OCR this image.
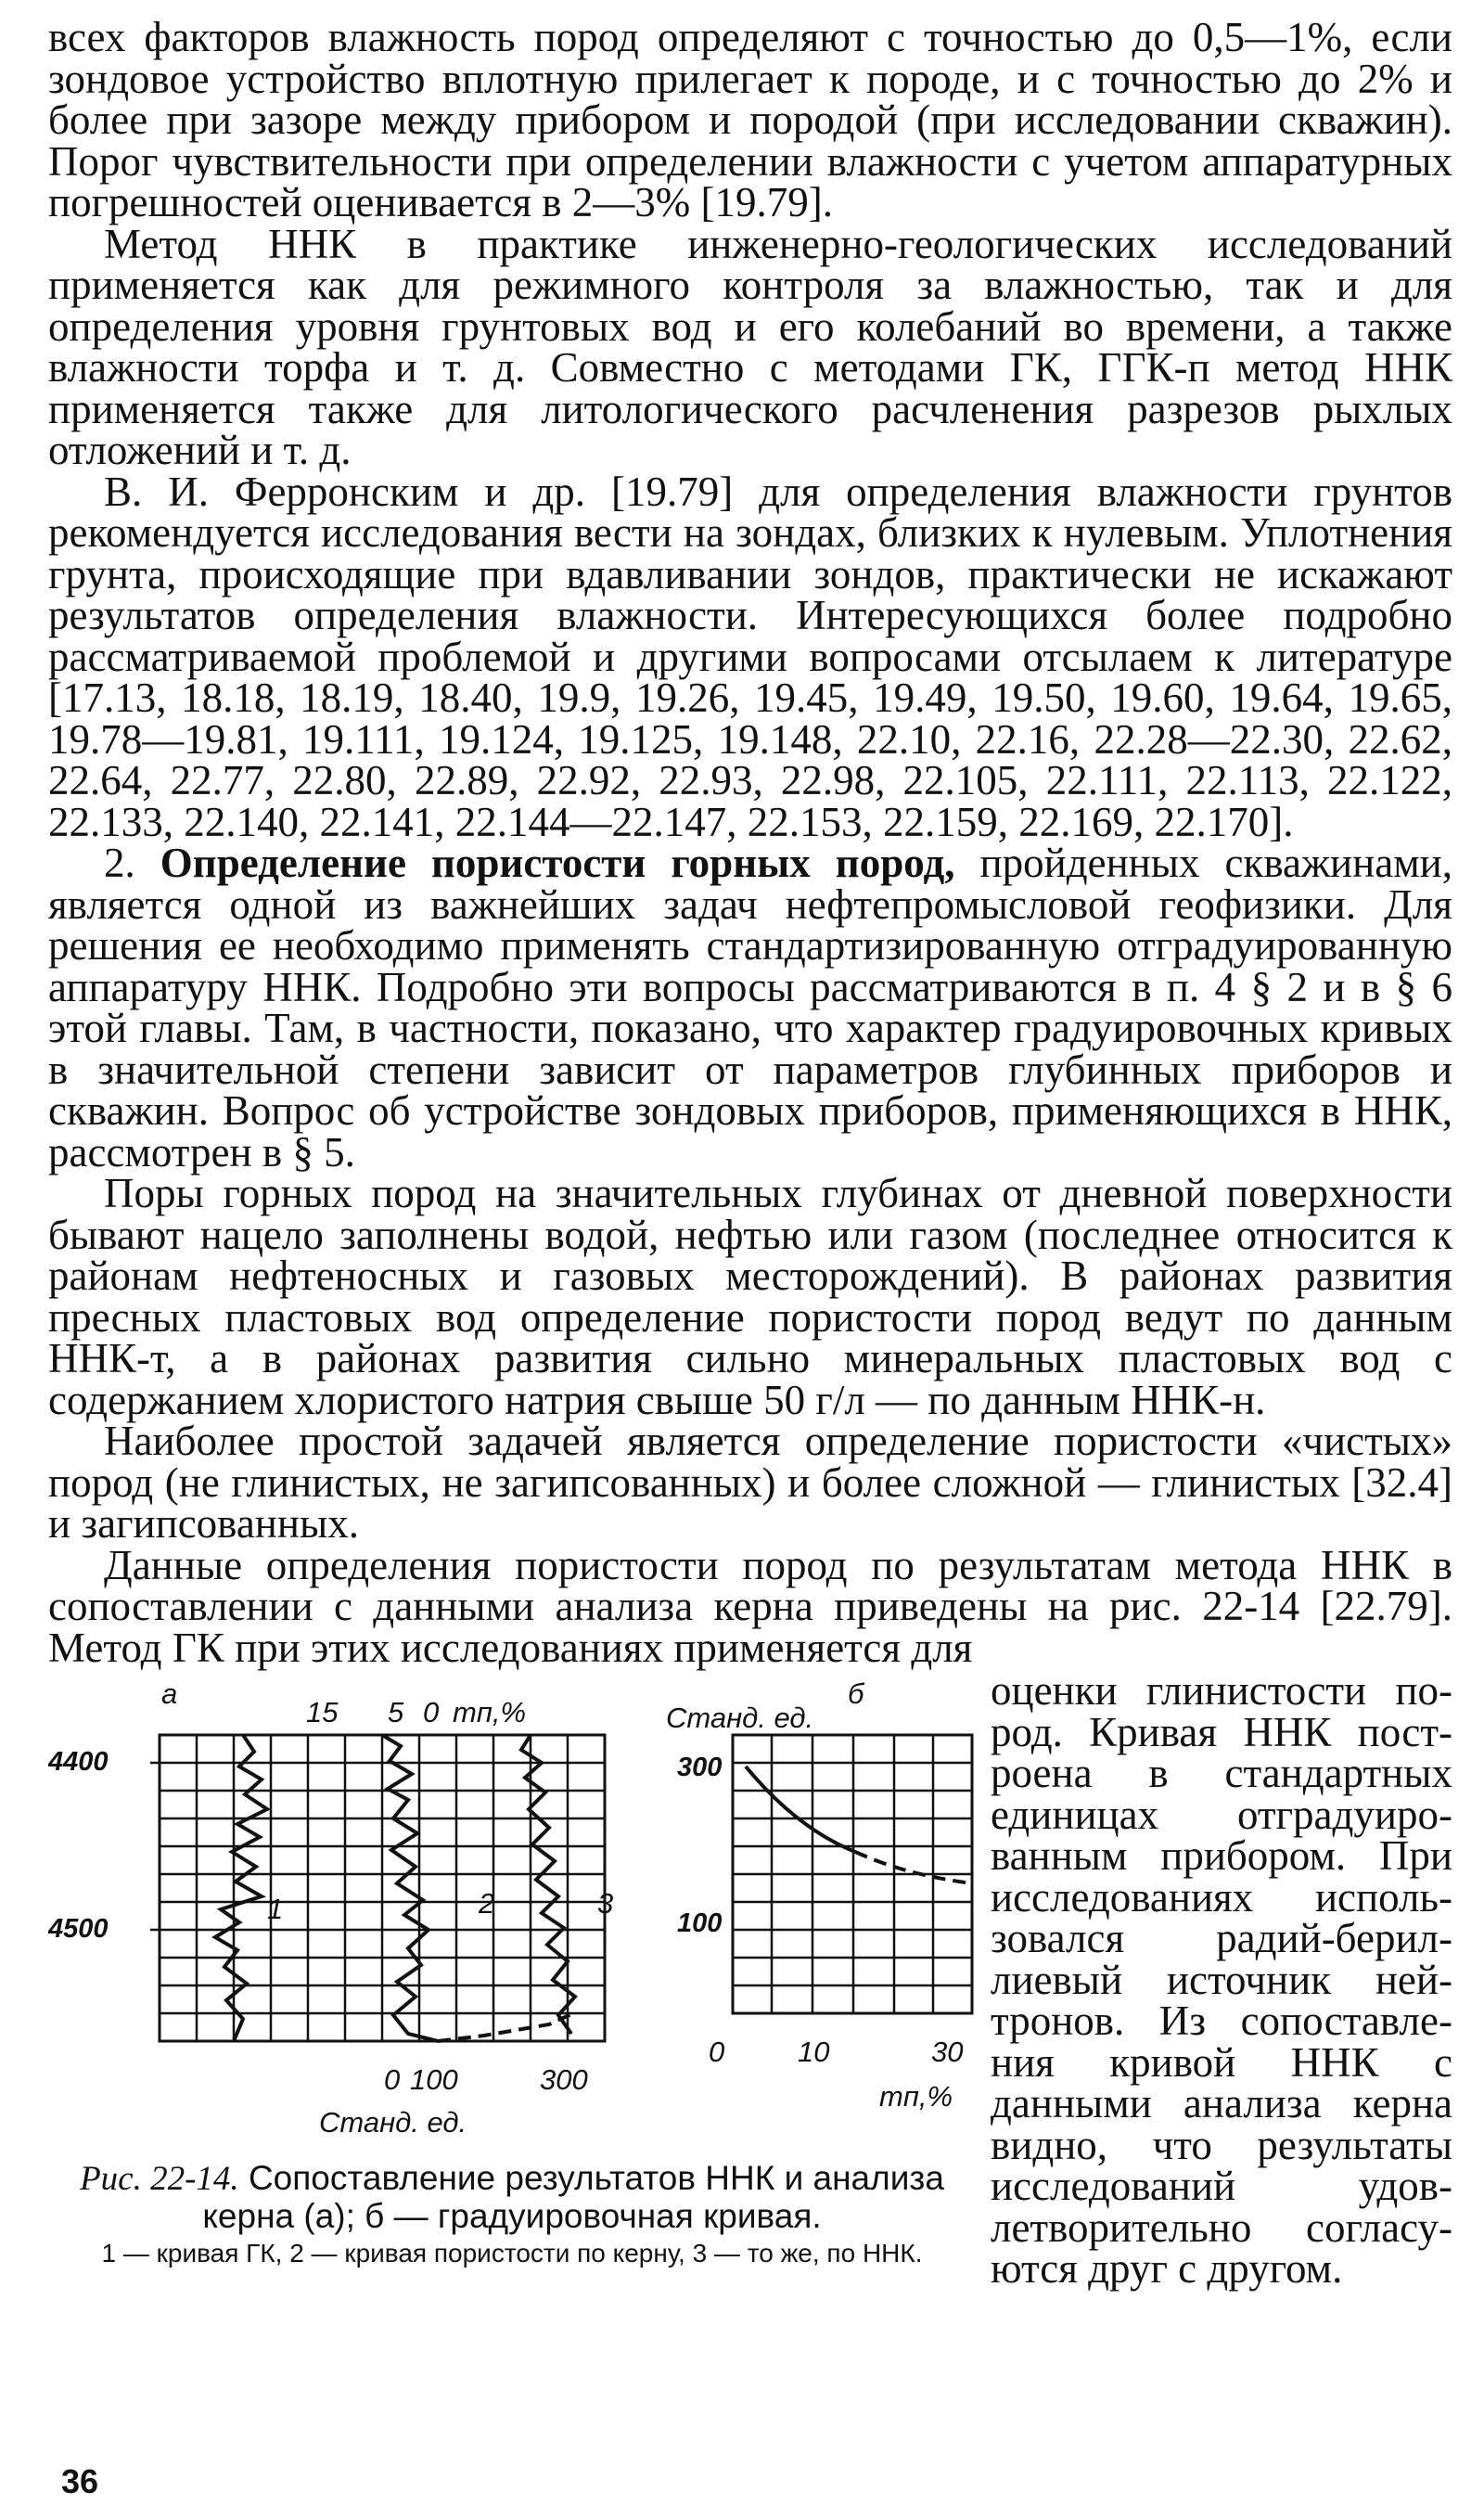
всех факторов влажность пород определяют с точностью до 0,5—1%, если зондовое устройство вплотную прилегает к породе, и с точностью до 2% и более при зазоре между прибором и породой (при исследовании скважин). Порог чувствительности при определении влажности с учетом аппаратурных погрешностей оценивается в 2—3% [19.79].

Метод ННК в практике инженерно-геологических исследований применяется как для режимного контроля за влажностью, так и для определения уровня грунтовых вод и его колебаний во времени, а также влажности торфа и т. д. Совместно с методами ГК, ГГК-п метод ННК применяется также для литологического расчленения разрезов рыхлых отложений и т. д.

В. И. Ферронским и др. [19.79] для определения влажности грунтов рекомендуется исследования вести на зондах, близких к нулевым. Уплотнения грунта, происходящие при вдавливании зондов, практически не искажают результатов определения влажности. Интересующихся более подробно рассматриваемой проблемой и другими вопросами отсылаем к литературе [17.13, 18.18, 18.19, 18.40, 19.9, 19.26, 19.45, 19.49, 19.50, 19.60, 19.64, 19.65, 19.78—19.81, 19.111, 19.124, 19.125, 19.148, 22.10, 22.16, 22.28—22.30, 22.62, 22.64, 22.77, 22.80, 22.89, 22.92, 22.93, 22.98, 22.105, 22.111, 22.113, 22.122, 22.133, 22.140, 22.141, 22.144—22.147, 22.153, 22.159, 22.169, 22.170].

2. Определение пористости горных пород, пройденных скважинами, является одной из важнейших задач нефтепромысловой геофизики. Для решения ее необходимо применять стандартизированную отградуированную аппаратуру ННК. Подробно эти вопросы рассматриваются в п. 4 § 2 и в § 6 этой главы. Там, в частности, показано, что характер градуировочных кривых в значительной степени зависит от параметров глубинных приборов и скважин. Вопрос об устройстве зондовых приборов, применяющихся в ННК, рассмотрен в § 5.

Поры горных пород на значительных глубинах от дневной поверхности бывают нацело заполнены водой, нефтью или газом (последнее относится к районам нефтеносных и газовых месторождений). В районах развития пресных пластовых вод определение пористости пород ведут по данным ННК-т, а в районах развития сильно минеральных пластовых вод с содержанием хлористого натрия свыше 50 г/л — по данным ННК-н.

Наиболее простой задачей является определение пористости «чистых» пород (не глинистых, не загипсованных) и более сложной — глинистых [32.4] и загипсованных.

Данные определения пористости пород по результатам метода ННК в сопоставлении с данными анализа керна приведены на рис. 22-14 [22.79]. Метод ГК при этих исследованиях применяется для

а
15 5 0 mп,%
4400
4500
1	2	3
0 100	300
Станд. ед.
б
Станд. ед.
300
100
0	10	30
mп,%
Рис. 22-14. Сопоставление результатов ННК и анализа керна (а); б — градуировочная кривая.
1 — кривая ГК, 2 — кривая пористости по керну, 3 — то же, по ННК.

оценки глинистости пород. Кривая ННК построена в стандартных единицах отградуированным прибором. При исследованиях использовался радий-бериллиевый источник нейтронов. Из сопоставления кривой ННК с данными анализа керна видно, что результаты исследований удовлетворительно согласуются друг с другом.

36
